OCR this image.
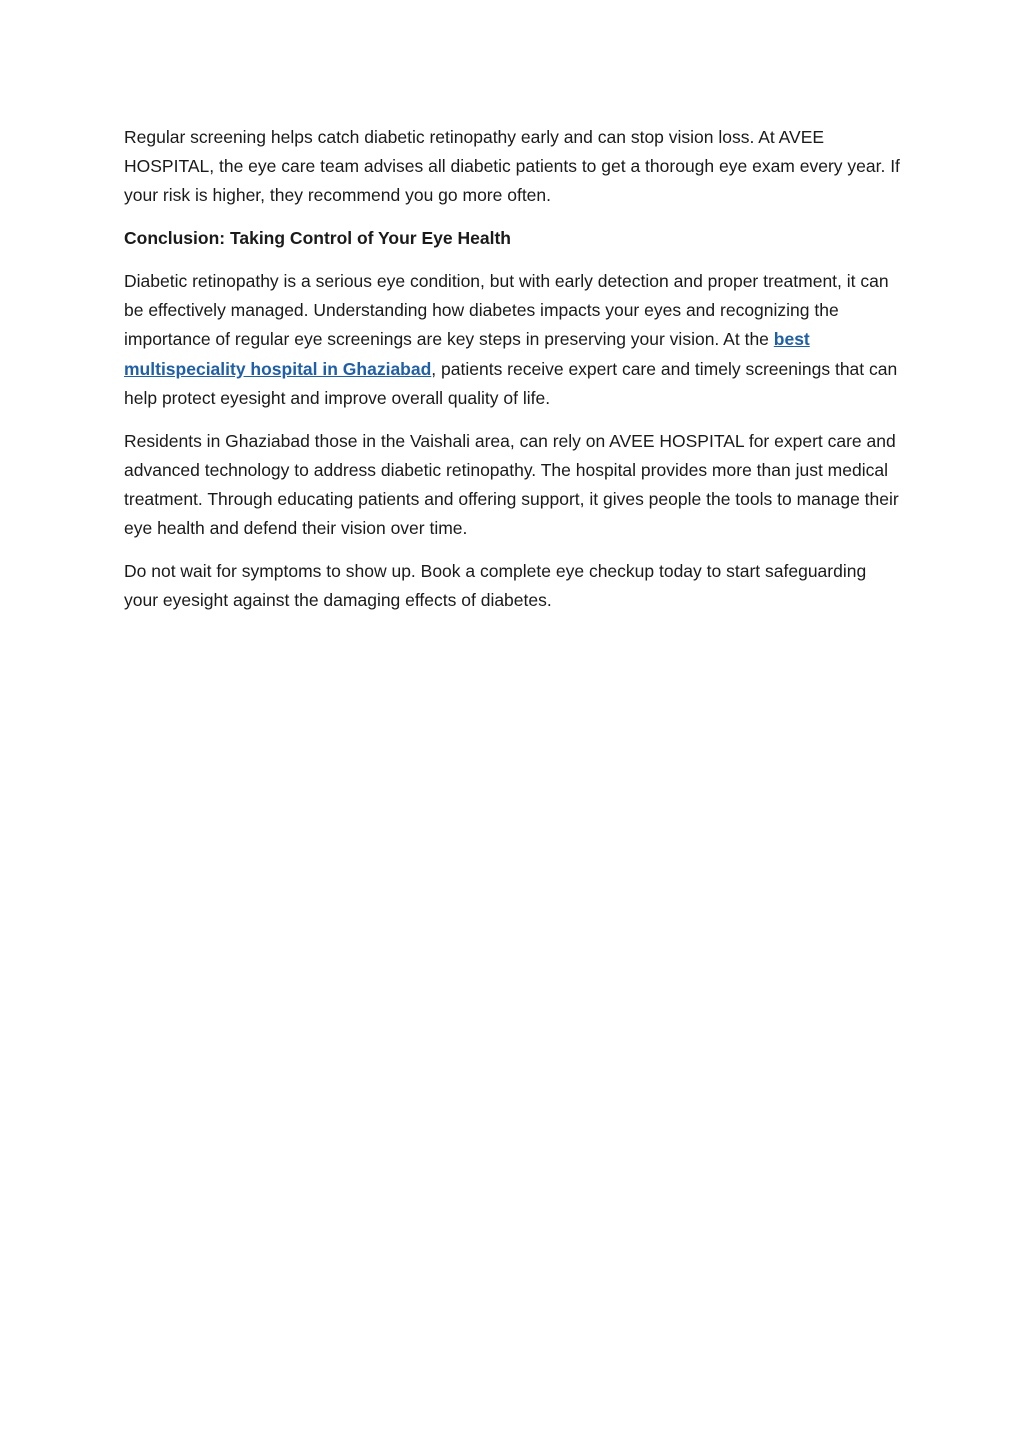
Regular screening helps catch diabetic retinopathy early and can stop vision loss. At AVEE HOSPITAL, the eye care team advises all diabetic patients to get a thorough eye exam every year. If your risk is higher, they recommend you go more often.

Conclusion: Taking Control of Your Eye Health

Diabetic retinopathy is a serious eye condition, but with early detection and proper treatment, it can be effectively managed. Understanding how diabetes impacts your eyes and recognizing the importance of regular eye screenings are key steps in preserving your vision. At the best multispeciality hospital in Ghaziabad, patients receive expert care and timely screenings that can help protect eyesight and improve overall quality of life.

Residents in Ghaziabad those in the Vaishali area, can rely on AVEE HOSPITAL for expert care and advanced technology to address diabetic retinopathy. The hospital provides more than just medical treatment. Through educating patients and offering support, it gives people the tools to manage their eye health and defend their vision over time.

Do not wait for symptoms to show up. Book a complete eye checkup today to start safeguarding your eyesight against the damaging effects of diabetes.
